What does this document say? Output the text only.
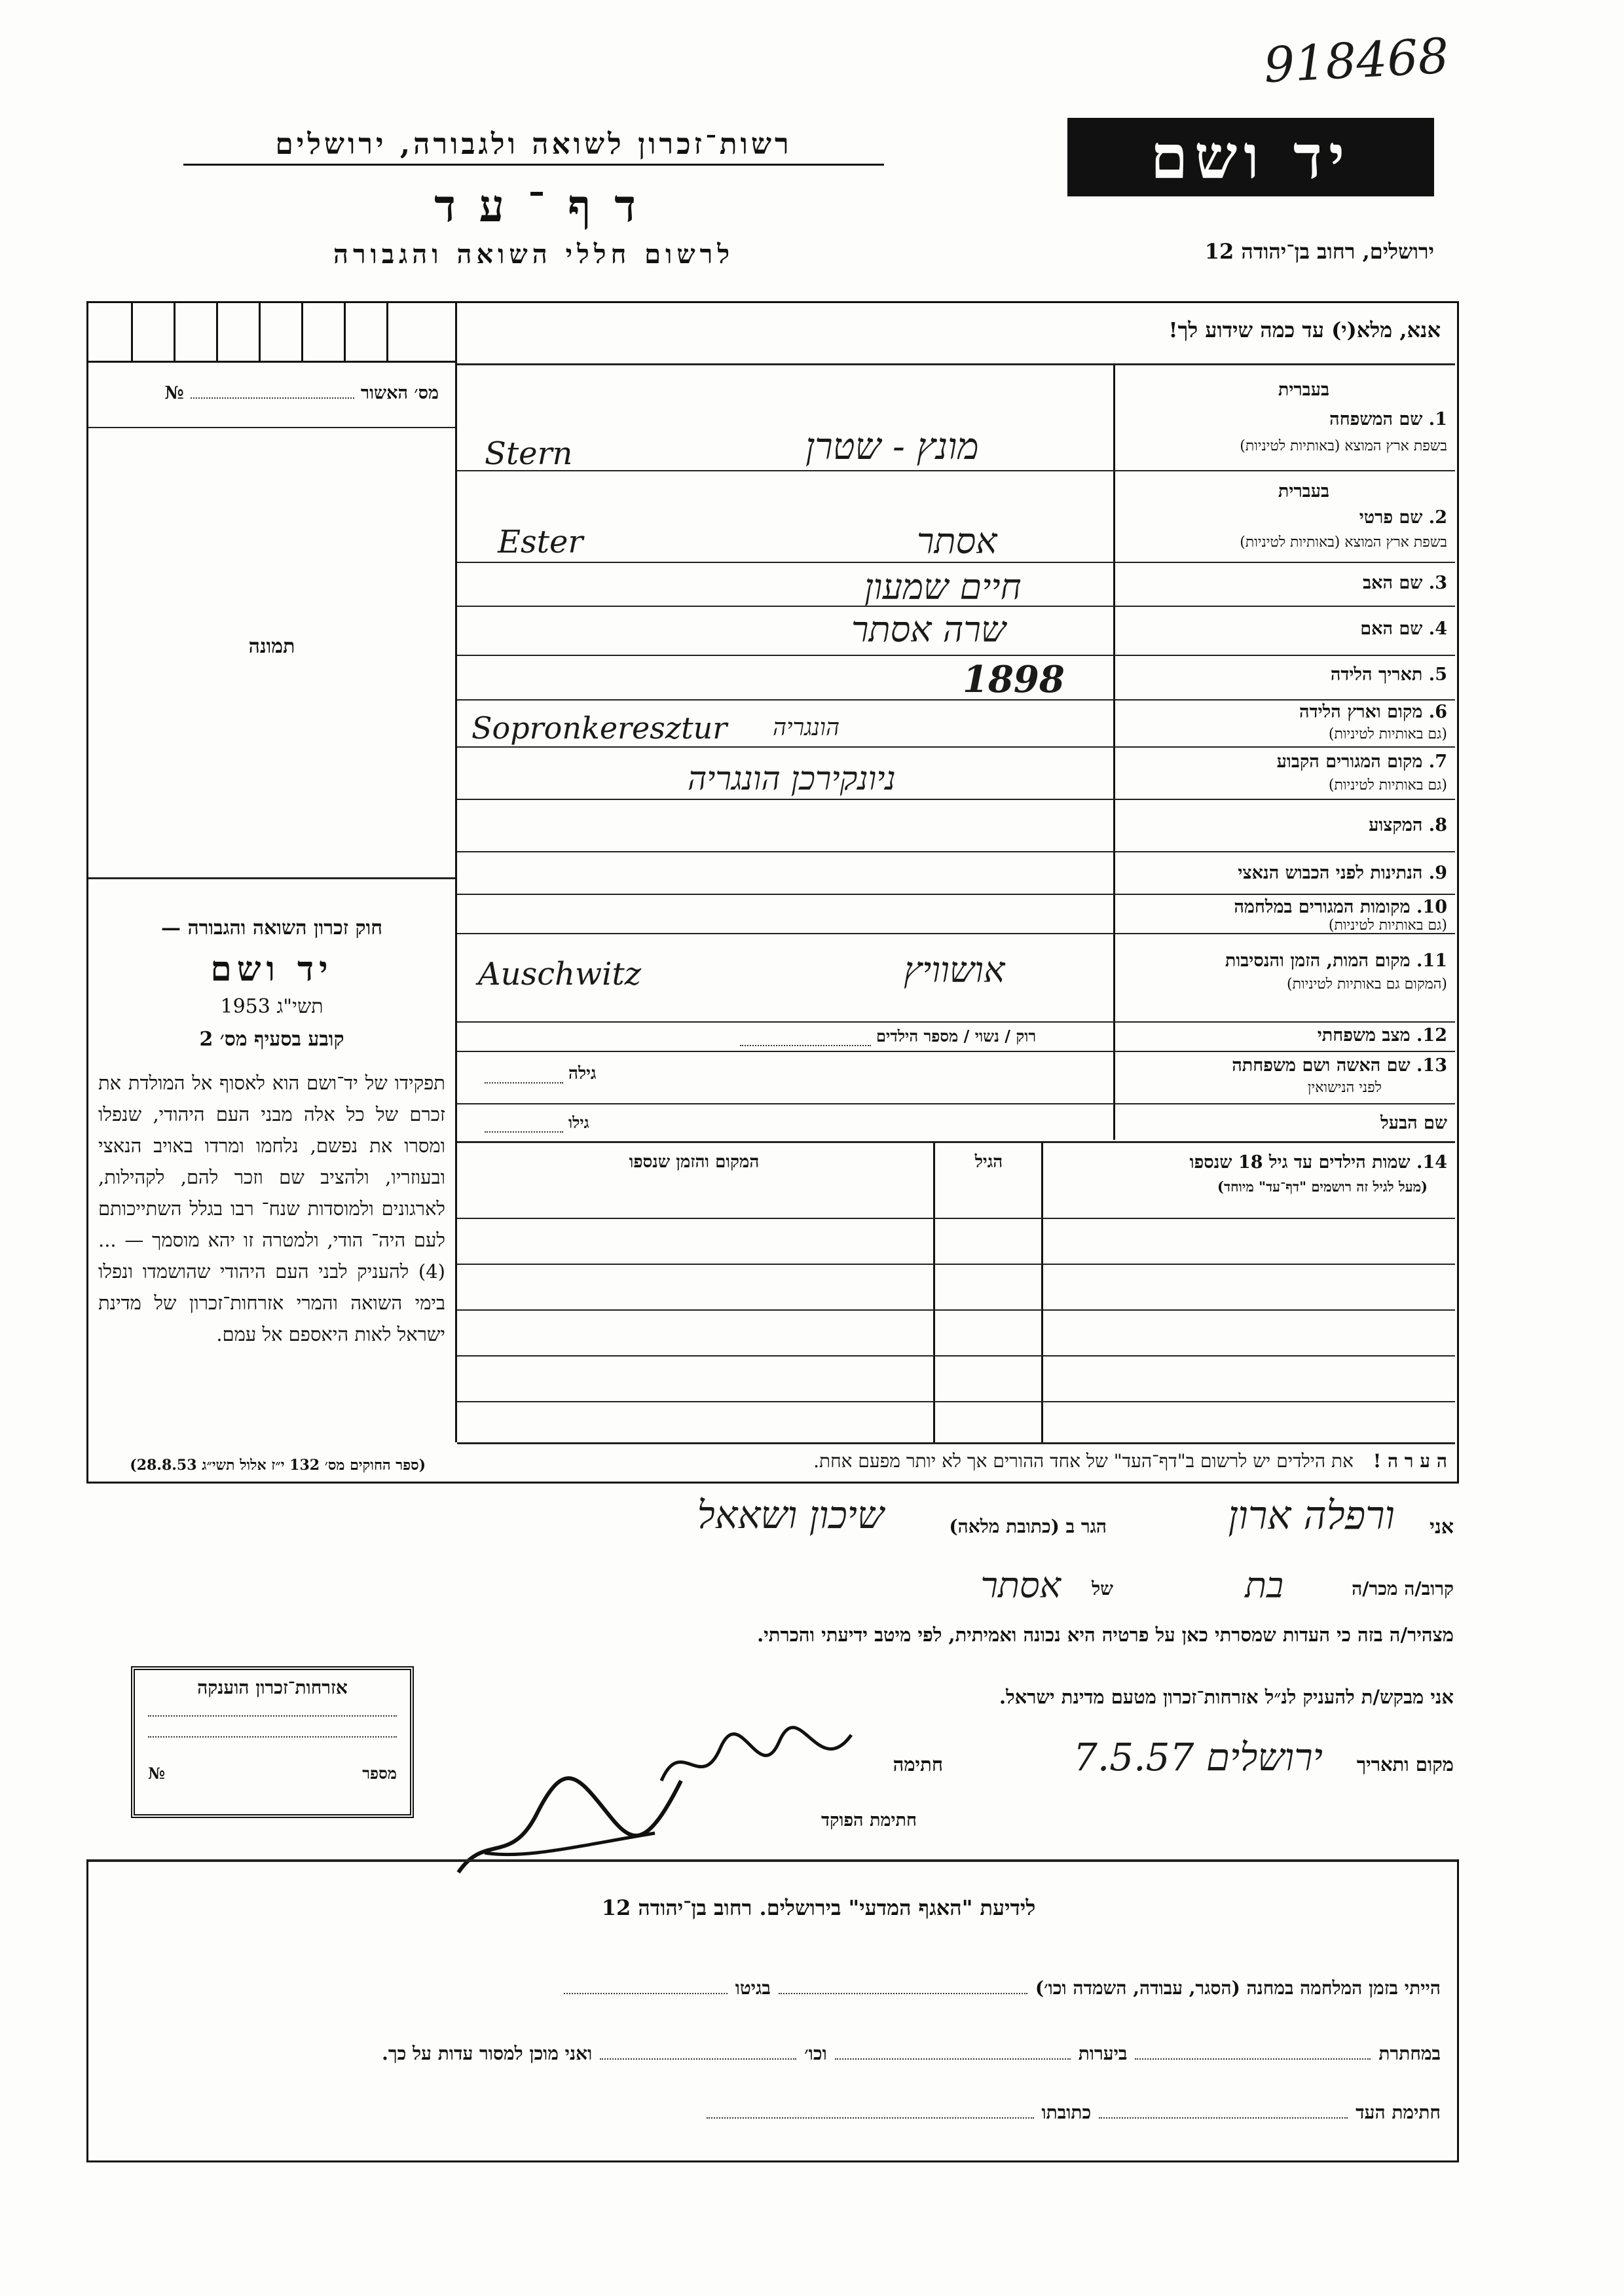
918468
רשות־זכרון לשואה ולגבורה, ירושלים
ד ף ־ ע ד
לרשום חללי השואה והגבורה
יד ושם
ירושלים, רחוב בן־יהודה 12
אנא, מלא(י) עד כמה שידוע לך!
מס׳ האשור
№
תמונה
חוק זכרון השואה והגבורה —
יד ושם
תשי"ג 1953
קובע בסעיף מס׳ 2
תפקידו של יד־ושם הוא לאסוף אל המולדת את זכרם של כל אלה מבני העם היהודי, שנפלו ומסרו את נפשם, נלחמו ומרדו באויב הנאצי ובעוזריו, ולהציב שם וזכר להם, לקהילות, לארגונים ולמוסדות שנח־ רבו בגלל השתייכותם לעם היה־ הודי, ולמטרה זו יהא מוסמך — ...(4) להעניק לבני העם היהודי שהושמדו ונפלו בימי השואה והמרי אזרחות־זכרון של מדינת ישראל לאות היאספם אל עמם.
(ספר החוקים מס׳ 132 י״ז אלול תשי״ג 28.8.53)
בעברית
1. שם המשפחה
בשפת ארץ המוצא (באותיות לטיניות)
מונץ - שטרן
Stern
בעברית
2. שם פרטי
בשפת ארץ המוצא (באותיות לטיניות)
אסתר
Ester
3. שם האב
חיים שמעון
4. שם האם
שרה אסתר
5. תאריך הלידה
1898
6. מקום וארץ הלידה
(גם באותיות לטיניות)
הונגריה
Sopronkeresztur
7. מקום המגורים הקבוע
(גם באותיות לטיניות)
ניונקירכן הונגריה
8. המקצוע
9. הנתינות לפני הכבוש הנאצי
10. מקומות המגורים במלחמה
(גם באותיות לטיניות)
11. מקום המות, הזמן והנסיבות
(המקום גם באותיות לטיניות)
אושוויץ
Auschwitz
רוק / נשוי / מספר הילדים	12. מצב משפחתי
13. שם האשה ושם משפחתה
לפני הנישואין
גילה
שם הבעל
גילו
14. שמות הילדים עד גיל 18 שנספו
(מעל לגיל זה רושמים "דף־עד" מיוחד)
הגיל
המקום והזמן שנספו
ה ע ר ה !
את הילדים יש לרשום ב"דף־העד" של אחד ההורים אך לא יותר מפעם אחת.
אני
ורפלה ארון
הגר ב (כתובת מלאה)
שיכון ושאאל
קרוב/ה מכר/ה
בת
של
אסתר
מצהיר/ה בזה כי העדות שמסרתי כאן על פרטיה היא נכונה ואמיתית, לפי מיטב ידיעתי והכרתי.
אני מבקש/ת להעניק לנ״ל אזרחות־זכרון מטעם מדינת ישראל.
מקום ותאריך
ירושלים 7.5.57
חתימה
חתימת הפוקד
אזרחות־זכרון הוענקה
מספר
№
לידיעת "האגף המדעי" בירושלים. רחוב בן־יהודה 12
הייתי בזמן המלחמה במחנה (הסגר, עבודה, השמדה וכו׳)
בגיטו
במחתרת
ביערות
וכו׳
ואני מוכן למסור עדות על כך.
חתימת העד
כתובתו
